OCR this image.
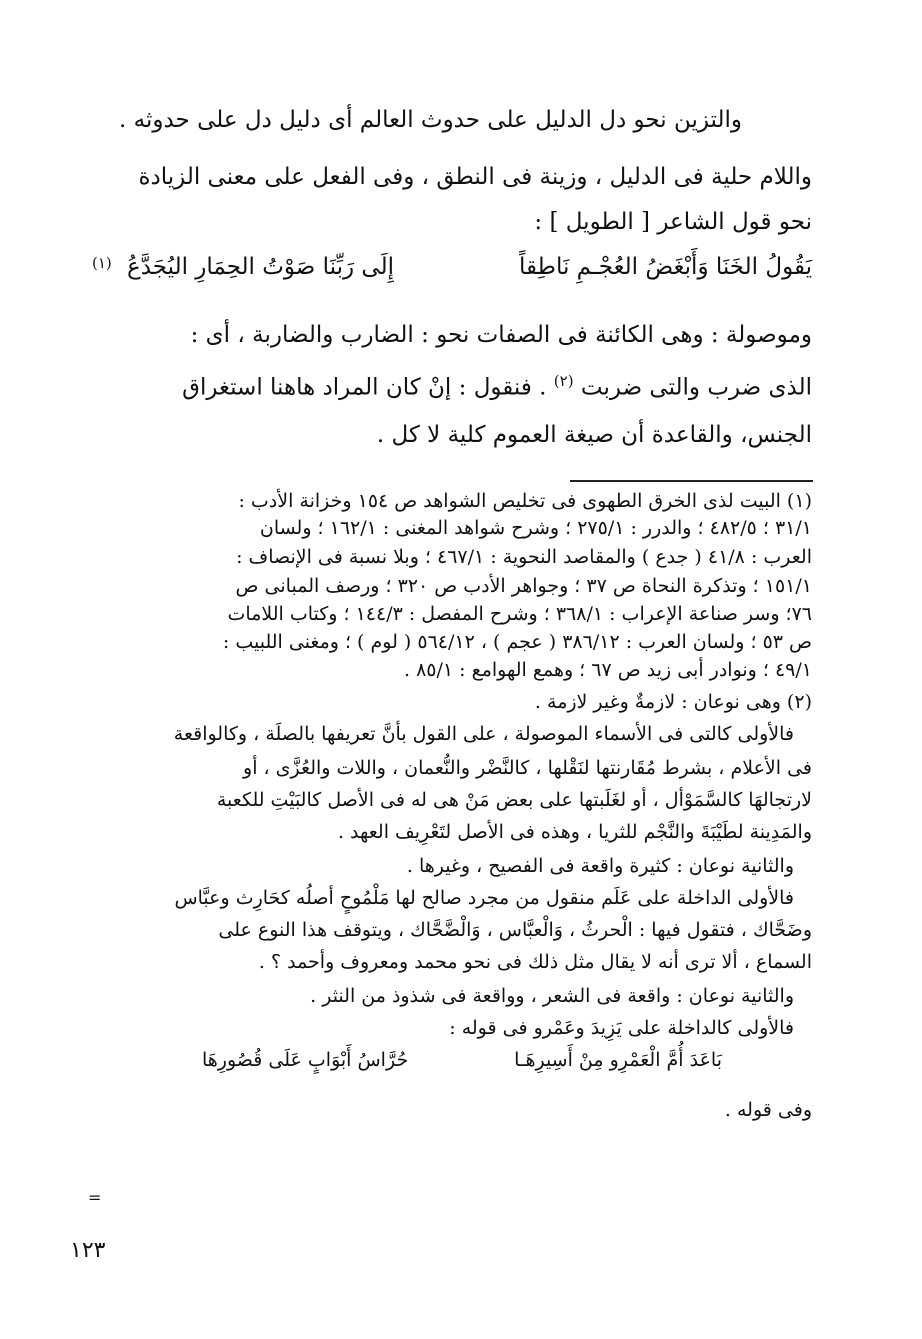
والتزين نحو دل الدليل على حدوث العالم أى دليل دل على حدوثه .

واللام حلية فى الدليل ، وزينة فى النطق ، وفى الفعل على معنى الزيادة

نحو قول الشاعر [ الطويل ] :

يَقُولُ الخَنَا وَأَبْغَضُ العُجْـمِ نَاطِقاً
إِلَى رَبِّنَا صَوْتُ الحِمَارِ اليُجَدَّعُ
(١)

وموصولة : وهى الكائنة فى الصفات نحو : الضارب والضاربة ، أى :

الذى ضرب والتى ضربت $^{(٢)}$ . فنقول : إنْ كان المراد هاهنا استغراق

الجنس، والقاعدة أن صيغة العموم كلية لا كل .

(١) البيت لذى الخرق الطهوى فى تخليص الشواهد ص ١٥٤ وخزانة الأدب :
٣١/١ ؛ ٤٨٢/٥ ؛ والدرر : ٢٧٥/١ ؛ وشرح شواهد المغنى : ١٦٢/١ ؛ ولسان
العرب : ٤١/٨ ( جدع ) والمقاصد النحوية : ٤٦٧/١ ؛ وبلا نسبة فى الإنصاف :
١٥١/١ ؛ وتذكرة النحاة ص ٣٧ ؛ وجواهر الأدب ص ٣٢٠ ؛ ورصف المبانى ص
٧٦؛ وسر صناعة الإعراب : ٣٦٨/١ ؛ وشرح المفصل : ١٤٤/٣ ؛ وكتاب اللامات
ص ٥٣ ؛ ولسان العرب : ٣٨٦/١٢ ( عجم ) ، ٥٦٤/١٢ ( لوم ) ؛ ومغنى اللبيب :
٤٩/١ ؛ ونوادر أبى زيد ص ٦٧ ؛ وهمع الهوامع : ٨٥/١ .
(٢) وهى نوعان : لازمةٌ وغير لازمة .
فالأولى كالتى فى الأسماء الموصولة ، على القول بأنَّ تعريفها بالصلَة ، وكالواقعة
فى الأعلام ، بشرط مُقَارنتها لنَقْلها ، كالنَّضْر والنُّعمان ، واللات والعُزَّى ، أو
لارتجالهَا كالسَّمَوْأل ، أو لغَلَبتها على بعض مَنْ هى له فى الأصل كالبَيْتِ للكعبة
والمَدِينة لطَيْبَةَ والنَّجْم للثريا ، وهذه فى الأصل لتَعْرِيف العهد .
والثانية نوعان : كثيرة واقعة فى الفصيح ، وغيرها .
فالأولى الداخلة على عَلَم منقول من مجرد صالح لها مَلْمُوحٍ أصلُه كحَارِث وعبَّاس
وضَحَّاك ، فتقول فيها : الْحرثُ ، وَالْعبَّاس ، وَالْضَّحَّاك ، ويتوقف هذا النوع على
السماع ، ألا ترى أنه لا يقال مثل ذلك فى نحو محمد ومعروف وأحمد ؟ .
والثانية نوعان : واقعة فى الشعر ، وواقعة فى شذوذ من النثر .
فالأولى كالداخلة على يَزِيدَ وعَمْرو فى قوله :
بَاعَدَ أُمَّ الْعَمْرِو مِنْ أَسِيرِهَـا
حُرَّاسُ أَبْوَابٍ عَلَى قُصُورِهَا
وفى قوله .
=
١٢٣
